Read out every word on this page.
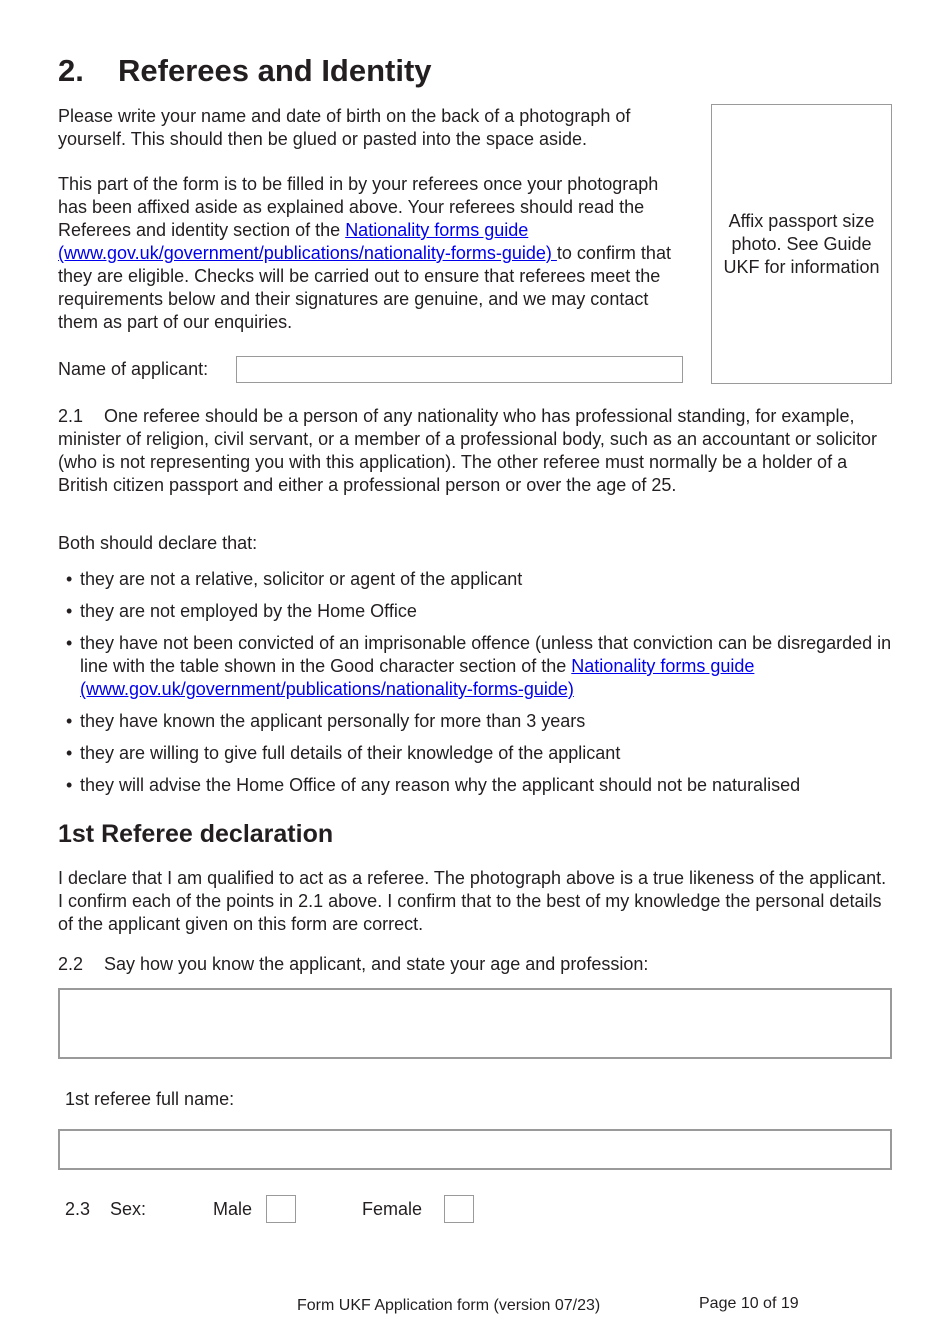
2. Referees and Identity

Please write your name and date of birth on the back of a photograph of yourself. This should then be glued or pasted into the space aside.

This part of the form is to be filled in by your referees once your photograph has been affixed aside as explained above. Your referees should read the Referees and identity section of the Nationality forms guide (www.gov.uk/government/publications/nationality-forms-guide) to confirm that they are eligible. Checks will be carried out to ensure that referees meet the requirements below and their signatures are genuine, and we may contact them as part of our enquiries.

Affix passport size photo. See Guide UKF for information
Name of applicant:

2.1 One referee should be a person of any nationality who has professional standing, for example, minister of religion, civil servant, or a member of a professional body, such as an accountant or solicitor (who is not representing you with this application). The other referee must normally be a holder of a British citizen passport and either a professional person or over the age of 25.

Both should declare that:

• they are not a relative, solicitor or agent of the applicant
• they are not employed by the Home Office
• they have not been convicted of an imprisonable offence (unless that conviction can be disregarded in line with the table shown in the Good character section of the Nationality forms guide (www.gov.uk/government/publications/nationality-forms-guide)
• they have known the applicant personally for more than 3 years
• they are willing to give full details of their knowledge of the applicant
• they will advise the Home Office of any reason why the applicant should not be naturalised
1st Referee declaration

I declare that I am qualified to act as a referee. The photograph above is a true likeness of the applicant. I confirm each of the points in 2.1 above. I confirm that to the best of my knowledge the personal details of the applicant given on this form are correct.

2.2 Say how you know the applicant, and state your age and profession:

1st referee full name:
2.3 Sex:	Male	Female
Form UKF Application form (version 07/23)	Page 10 of 19
